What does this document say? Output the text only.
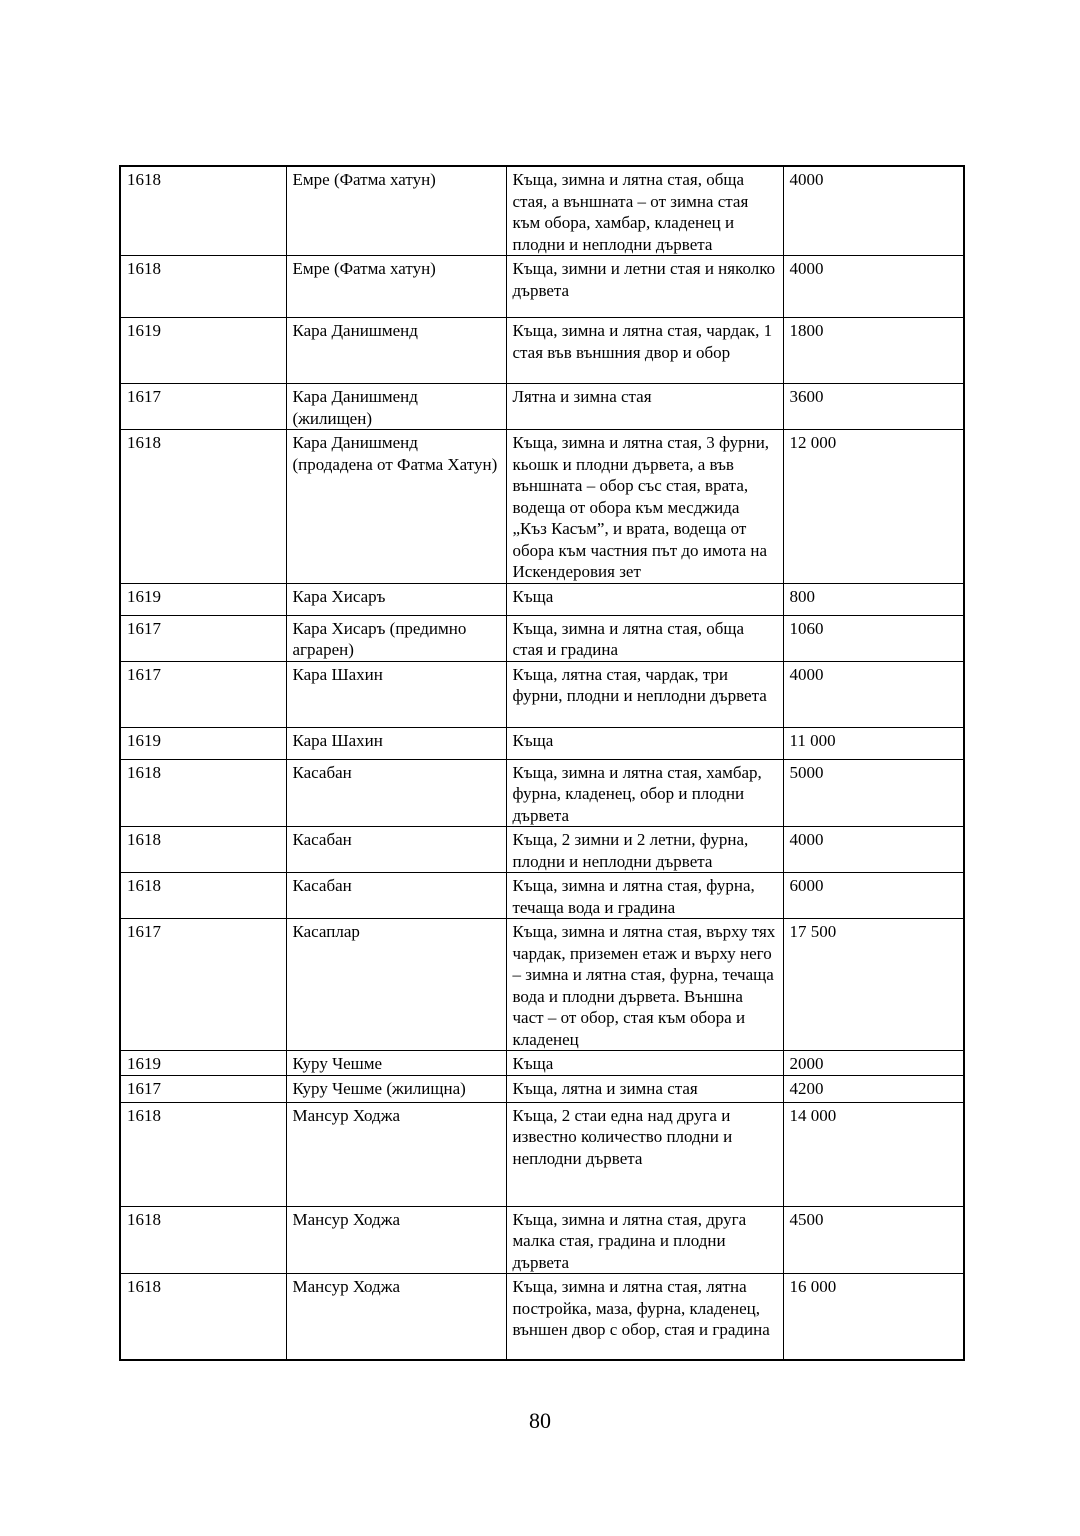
1618	Емре (Фатма хатун)	Къща, зимна и лятна стая, обща стая, а външната – от зимна стая към обора, хамбар, кладенец и плодни и неплодни дървета	4000
1618	Емре (Фатма хатун)	Къща, зимни и летни стая и няколко дървета	4000
1619	Кара Данишменд	Къща, зимна и лятна стая, чардак, 1 стая във външния двор и обор	1800
1617	Кара Данишменд (жилищен)	Лятна и зимна стая	3600
1618	Кара Данишменд (продадена от Фатма Хатун)	Къща, зимна и лятна стая, 3 фурни, кьошк и плодни дървета, а във външната – обор със стая, врата, водеща от обора към месджида „Къз Касъм”, и врата, водеща от обора към частния път до имота на Искендеровия зет	12 000
1619	Кара Хисаръ	Къща	800
1617	Кара Хисаръ (предимно аграрен)	Къща, зимна и лятна стая, обща стая и градина	1060
1617	Кара Шахин	Къща, лятна стая, чардак, три фурни, плодни и неплодни дървета	4000
1619	Кара Шахин	Къща	11 000
1618	Касабан	Къща, зимна и лятна стая, хамбар, фурна, кладенец, обор и плодни дървета	5000
1618	Касабан	Къща, 2 зимни и 2 летни, фурна, плодни и неплодни дървета	4000
1618	Касабан	Къща, зимна и лятна стая, фурна, течаща вода и градина	6000
1617	Касаплар	Къща, зимна и лятна стая, върху тях чардак, приземен етаж и върху него – зимна и лятна стая, фурна, течаща вода и плодни дървета. Външна част – от обор, стая към обора и кладенец	17 500
1619	Куру Чешме	Къща	2000
1617	Куру Чешме (жилищна)	Къща, лятна и зимна стая	4200
1618	Мансур Ходжа	Къща, 2 стаи една над друга и известно количество плодни и неплодни дървета	14 000
1618	Мансур Ходжа	Къща, зимна и лятна стая, друга малка стая, градина и плодни дървета	4500
1618	Мансур Ходжа	Къща, зимна и лятна стая, лятна постройка, маза, фурна, кладенец, външен двор с обор, стая и градина	16 000
80
